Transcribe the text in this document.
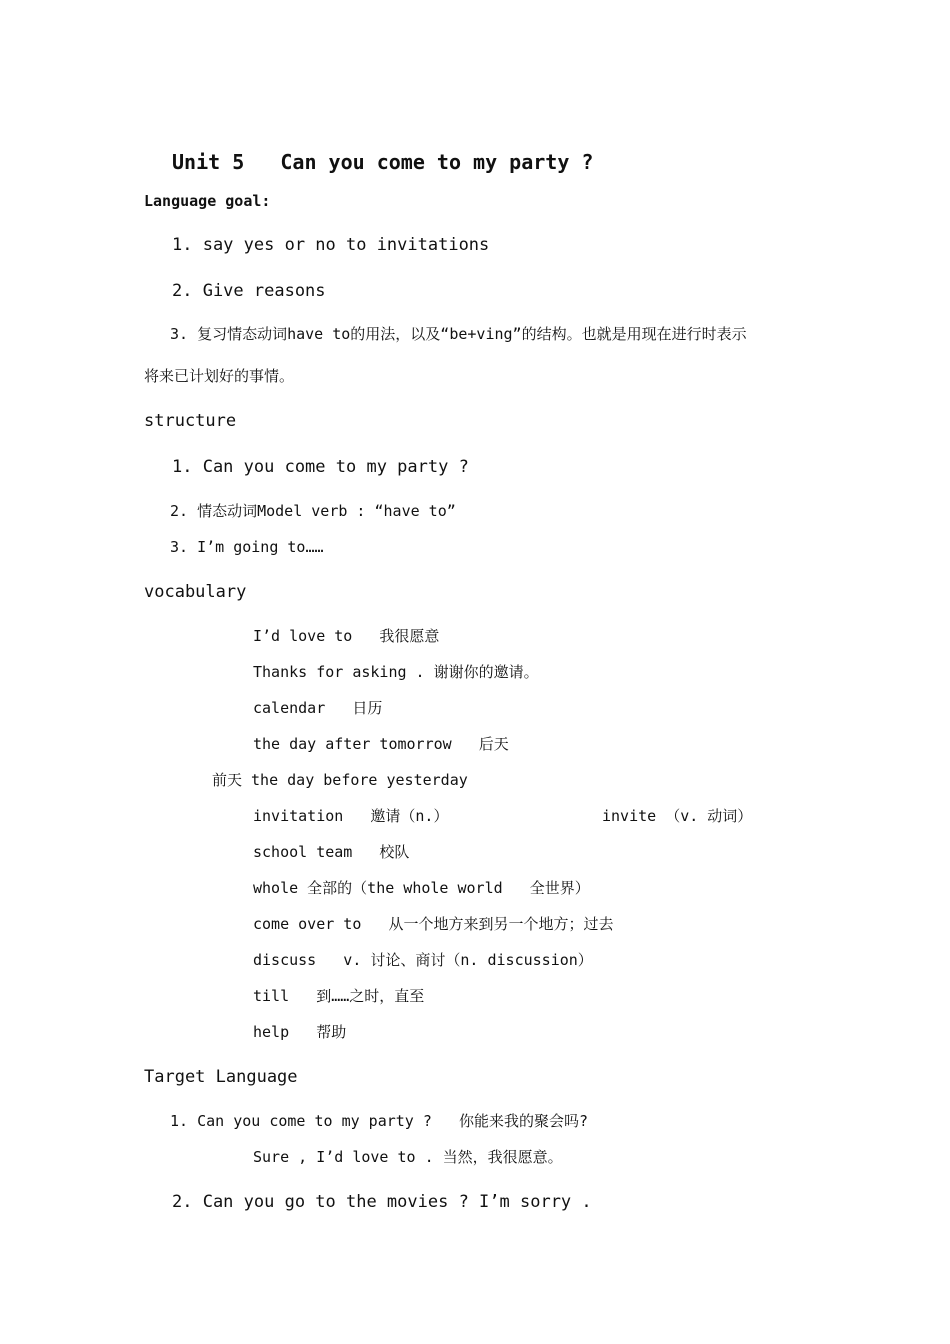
Unit 5   Can you come to my party ?
Language goal:
1. say yes or no to invitations
2. Give reasons
3. 复习情态动词have to的用法，以及“be+ving”的结构。也就是用现在进行时表示
将来已计划好的事情。
structure
1. Can you come to my party ?
2. 情态动词Model verb : “have to”
3. I’m going to……
vocabulary
I’d love to   我很愿意
Thanks for asking . 谢谢你的邀请。
calendar   日历
the day after tomorrow   后天
前天 the day before yesterday
invitation   邀请（n.）                 invite （v. 动词）
school team   校队
whole 全部的（the whole world   全世界）
come over to   从一个地方来到另一个地方；过去
discuss   v. 讨论、商讨（n. discussion）
till   到……之时，直至
help   帮助
Target Language
1. Can you come to my party ?   你能来我的聚会吗?
Sure , I’d love to . 当然，我很愿意。
2. Can you go to the movies ? I’m sorry .
